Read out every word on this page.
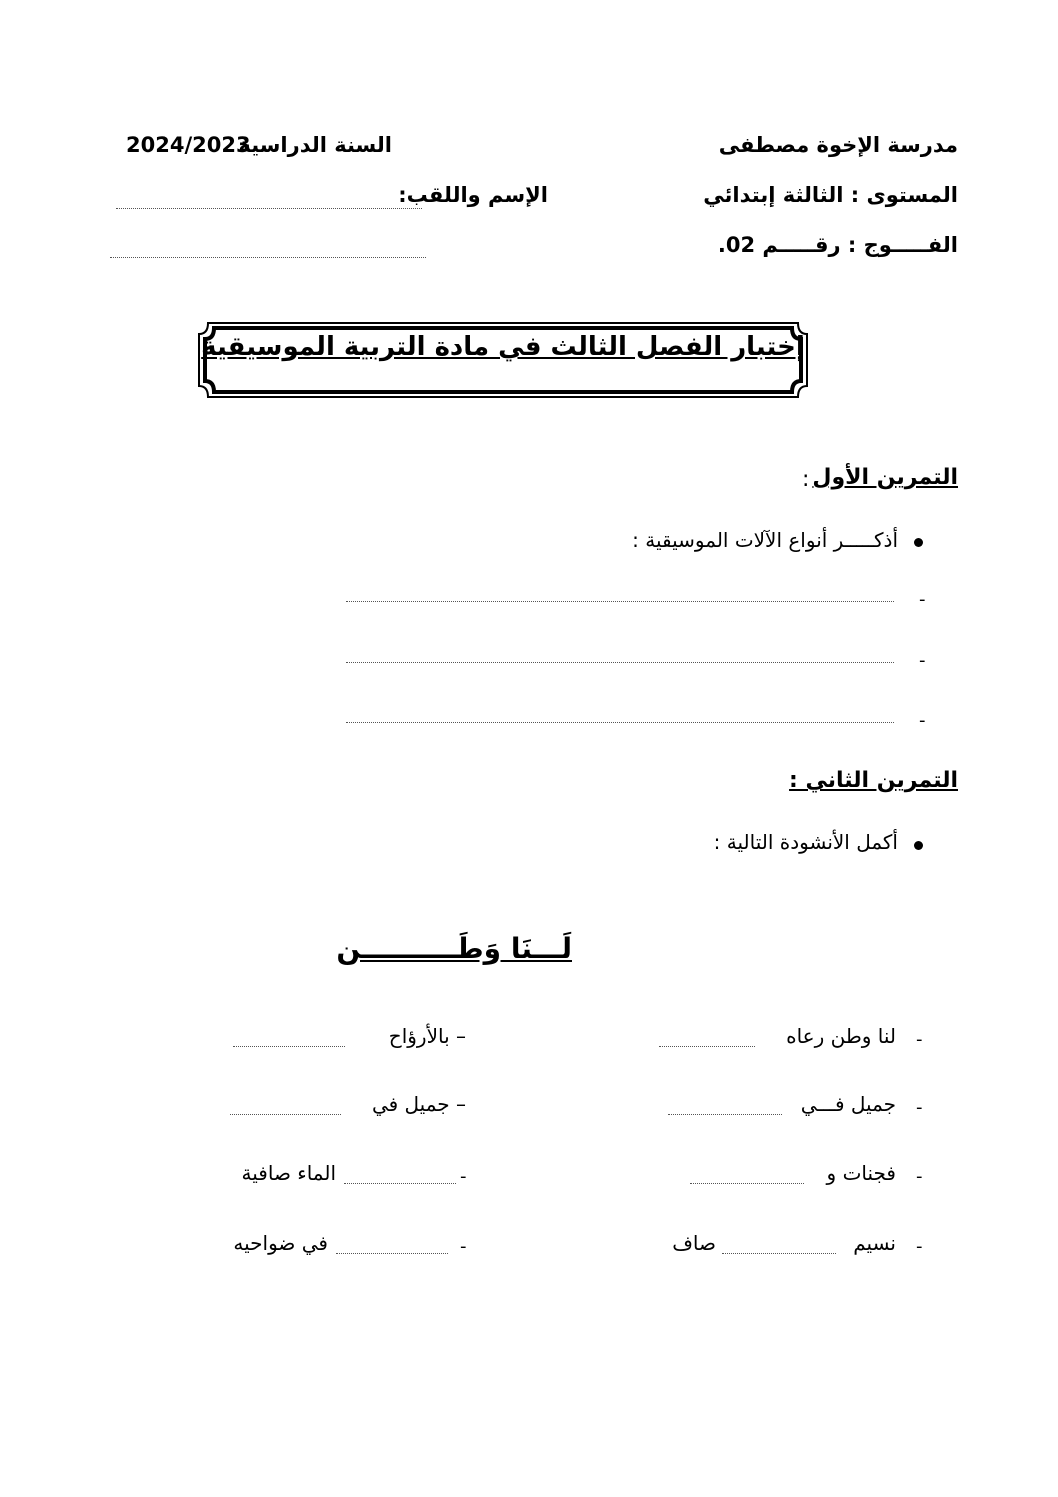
مدرسة الإخوة مصطفى
السنة الدراسية
2024/2023
المستوى : الثالثة إبتدائي
الإسم واللقب:
الفـــــوج : رقـــــم 02.
إختبار الفصل الثالث في مادة التربية الموسيقية
التمرين الأول
:
أذكـــــر أنواع الآلات الموسيقية :
-
-
-
التمرين الثاني :
أكمل الأنشودة التالية :
لَـــنَا وَطَــــــــــن
-
لنا وطن رعاه
– بالأرؤاح
-
جميل فـــي
– جميل في
-
فجنات و
-
الماء صافية
-
نسيم
صاف
-
في ضواحيه
